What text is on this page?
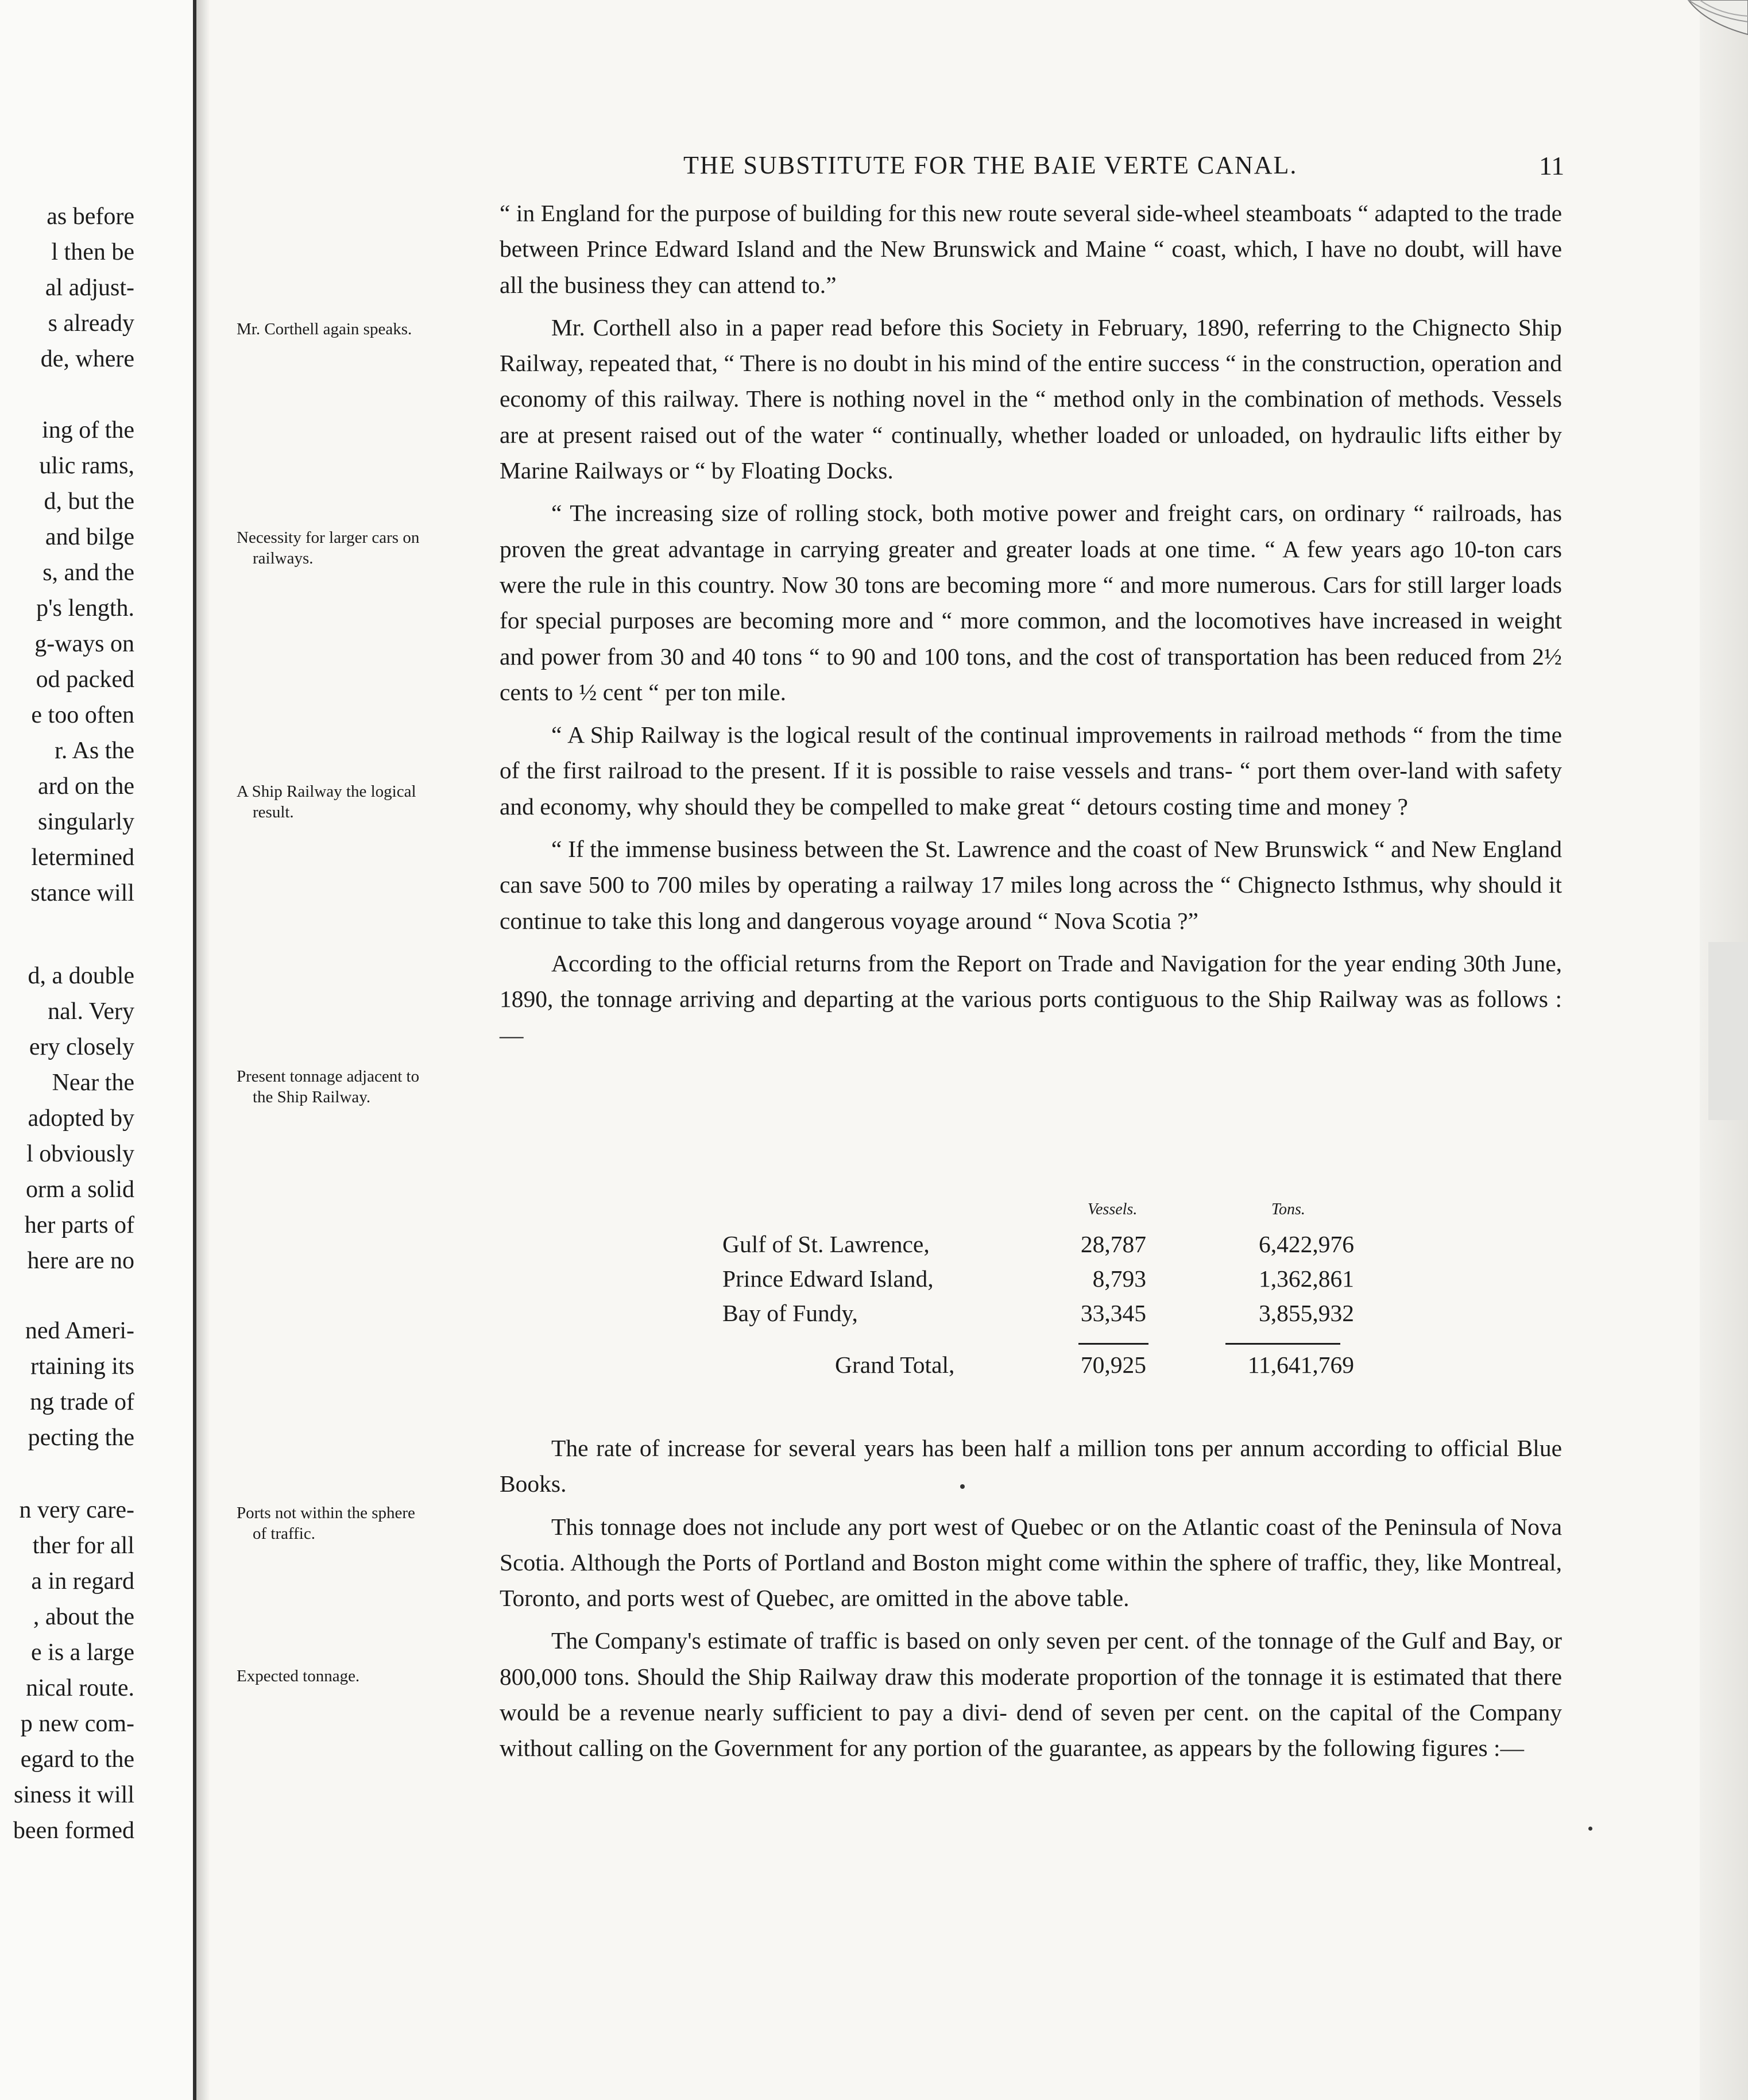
as before
l then be
al adjust-
s already
de, where
ing of the
ulic rams,
d, but the
and bilge
s, and the
p's length.
g-ways on
od packed
e too often
r. As the
ard on the
singularly
letermined
stance will
d, a double
nal. Very
ery closely
Near the
adopted by
l obviously
orm a solid
her parts of
here are no
ned Ameri-
rtaining its
ng trade of
pecting the
n very care-
ther for all
a in regard
, about the
e is a large
nical route.
p new com-
egard to the
siness it will
been formed
THE SUBSTITUTE FOR THE BAIE VERTE CANAL.	11
Mr. Corthell again speaks.
Necessity for larger cars on
railways.
A Ship Railway the logical
result.
Present tonnage adjacent to
the Ship Railway.
Ports not within the sphere
of traffic.
Expected tonnage.

“ in England for the purpose of building for this new route several side-wheel steamboats “ adapted to the trade between Prince Edward Island and the New Brunswick and Maine “ coast, which, I have no doubt, will have all the business they can attend to.”

Mr. Corthell also in a paper read before this Society in February, 1890, referring to the Chignecto Ship Railway, repeated that, “ There is no doubt in his mind of the entire success “ in the construction, operation and economy of this railway. There is nothing novel in the “ method only in the combination of methods. Vessels are at present raised out of the water “ continually, whether loaded or unloaded, on hydraulic lifts either by Marine Railways or “ by Floating Docks.

“ The increasing size of rolling stock, both motive power and freight cars, on ordinary “ railroads, has proven the great advantage in carrying greater and greater loads at one time. “ A few years ago 10-ton cars were the rule in this country. Now 30 tons are becoming more “ and more numerous. Cars for still larger loads for special purposes are becoming more and “ more common, and the locomotives have increased in weight and power from 30 and 40 tons “ to 90 and 100 tons, and the cost of transportation has been reduced from 2½ cents to ½ cent “ per ton mile.

“ A Ship Railway is the logical result of the continual improvements in railroad methods “ from the time of the first railroad to the present. If it is possible to raise vessels and trans- “ port them over-land with safety and economy, why should they be compelled to make great “ detours costing time and money ?

“ If the immense business between the St. Lawrence and the coast of New Brunswick “ and New England can save 500 to 700 miles by operating a railway 17 miles long across the “ Chignecto Isthmus, why should it continue to take this long and dangerous voyage around “ Nova Scotia ?”

According to the official returns from the Report on Trade and Navigation for the year ending 30th June, 1890, the tonnage arriving and departing at the various ports contiguous to the Ship Railway was as follows :—

Vessels.	Tons.
Gulf of St. Lawrence,	28,787	6,422,976
Prince Edward Island,	8,793	1,362,861
Bay of Fundy,	33,345	3,855,932
Grand Total,	70,925	11,641,769

The rate of increase for several years has been half a million tons per annum according to official Blue Books.

This tonnage does not include any port west of Quebec or on the Atlantic coast of the Peninsula of Nova Scotia. Although the Ports of Portland and Boston might come within the sphere of traffic, they, like Montreal, Toronto, and ports west of Quebec, are omitted in the above table.

The Company's estimate of traffic is based on only seven per cent. of the tonnage of the Gulf and Bay, or 800,000 tons. Should the Ship Railway draw this moderate proportion of the tonnage it is estimated that there would be a revenue nearly sufficient to pay a divi- dend of seven per cent. on the capital of the Company without calling on the Government for any portion of the guarantee, as appears by the following figures :—
